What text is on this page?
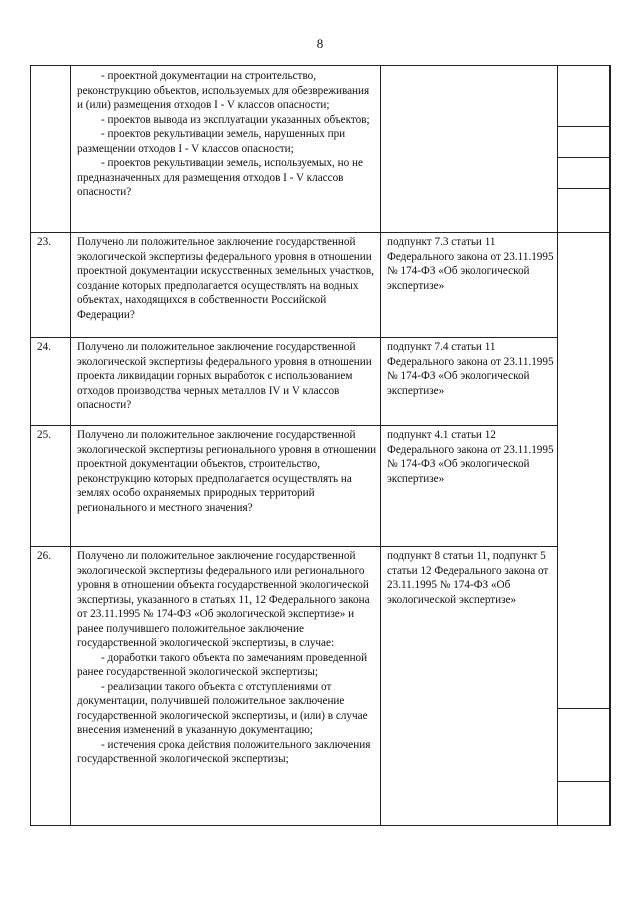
8

- проектной документации на строительство, реконструкцию объектов, используемых для обезвреживания и (или) размещения отходов I - V классов опасности;

- проектов вывода из эксплуатации указанных объектов;

- проектов рекультивации земель, нарушенных при размещении отходов I - V классов опасности;

- проектов рекультивации земель, используемых, но не предназначенных для размещения отходов I - V классов опасности?

23. Получено ли положительное заключение государственной экологической экспертизы федерального уровня в отношении проектной документации искусственных земельных участков, создание которых предполагается осуществлять на водных объектах, находящихся в собственности Российской Федерации?
подпункт 7.3 статьи 11 Федерального закона от 23.11.1995 № 174-ФЗ «Об экологической экспертизе»
24. Получено ли положительное заключение государственной экологической экспертизы федерального уровня в отношении проекта ликвидации горных выработок с использованием отходов производства черных металлов IV и V классов опасности?
подпункт 7.4 статьи 11 Федерального закона от 23.11.1995 № 174-ФЗ «Об экологической экспертизе»
25. Получено ли положительное заключение государственной экологической экспертизы регионального уровня в отношении проектной документации объектов, строительство, реконструкцию которых предполагается осуществлять на землях особо охраняемых природных территорий регионального и местного значения?
подпункт 4.1 статьи 12 Федерального закона от 23.11.1995 № 174-ФЗ «Об экологической экспертизе»
26. Получено ли положительное заключение государственной экологической экспертизы федерального или регионального уровня в отношении объекта государственной экологической экспертизы, указанного в статьях 11, 12 Федерального закона от 23.11.1995 № 174-ФЗ «Об экологической экспертизе» и ранее получившего положительное заключение государственной экологической экспертизы, в случае:

- доработки такого объекта по замечаниям проведенной ранее государственной экологической экспертизы;

- реализации такого объекта с отступлениями от документации, получившей положительное заключение государственной экологической экспертизы, и (или) в случае внесения изменений в указанную документацию;

- истечения срока действия положительного заключения государственной экологической экспертизы;

подпункт 8 статьи 11, подпункт 5 статьи 12 Федерального закона от 23.11.1995 № 174-ФЗ «Об экологической экспертизе»
